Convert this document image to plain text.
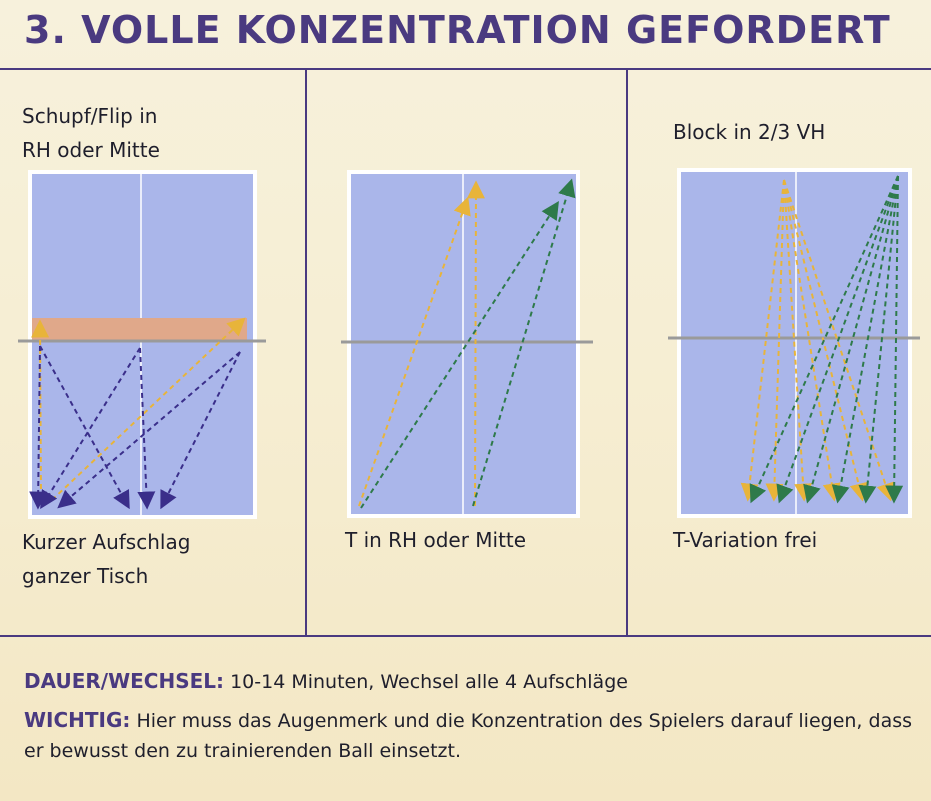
3. VOLLE KONZENTRATION GEFORDERT
Schupf/Flip in
RH oder Mitte
Kurzer Aufschlag
ganzer Tisch
T in RH oder Mitte
Block in 2/3 VH
T-Variation frei

DAUER/WECHSEL: 10-14 Minuten, Wechsel alle 4 Aufschläge

WICHTIG: Hier muss das Augenmerk und die Konzentration des Spielers darauf liegen, dass er bewusst den zu trainierenden Ball einsetzt.
